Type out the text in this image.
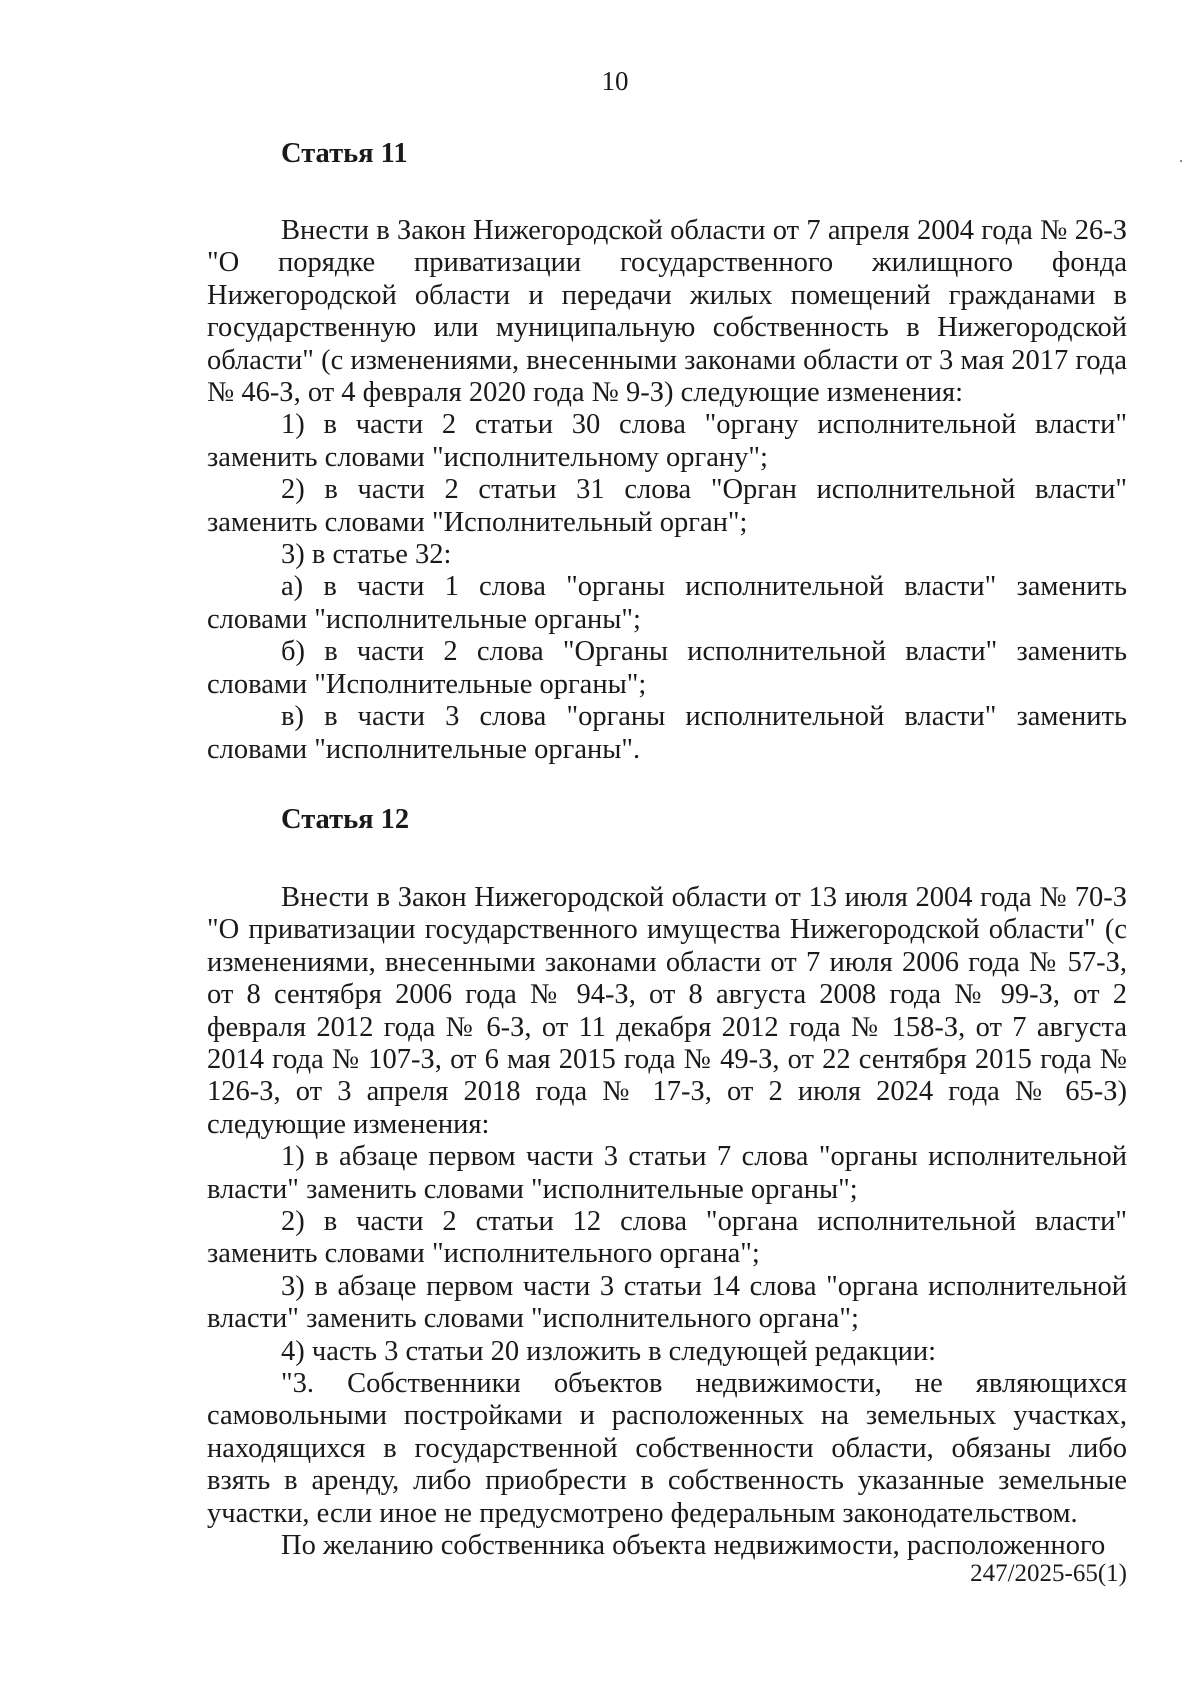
10
Статья 11

Внести в Закон Нижегородской области от 7 апреля 2004 года № 26-З "О порядке приватизации государственного жилищного фонда Нижегородской области и передачи жилых помещений гражданами в государственную или муниципальную собственность в Нижегородской области" (с изменениями, внесенными законами области от 3 мая 2017 года № 46-З, от 4 февраля 2020 года № 9-З) следующие изменения:

1) в части 2 статьи 30 слова "органу исполнительной власти" заменить словами "исполнительному органу";

2) в части 2 статьи 31 слова "Орган исполнительной власти" заменить словами "Исполнительный орган";

3) в статье 32:

а) в части 1 слова "органы исполнительной власти" заменить словами "исполнительные органы";

б) в части 2 слова "Органы исполнительной власти" заменить словами "Исполнительные органы";

в) в части 3 слова "органы исполнительной власти" заменить словами "исполнительные органы".

Статья 12

Внести в Закон Нижегородской области от 13 июля 2004 года № 70-З "О приватизации государственного имущества Нижегородской области" (с изменениями, внесенными законами области от 7 июля 2006 года № 57-З, от 8 сентября 2006 года № 94-З, от 8 августа 2008 года № 99-З, от 2 февраля 2012 года № 6-З, от 11 декабря 2012 года № 158-З, от 7 августа 2014 года № 107-З, от 6 мая 2015 года № 49-З, от 22 сентября 2015 года № 126-З, от 3 апреля 2018 года № 17-З, от 2 июля 2024 года № 65-З) следующие изменения:

1) в абзаце первом части 3 статьи 7 слова "органы исполнительной власти" заменить словами "исполнительные органы";

2) в части 2 статьи 12 слова "органа исполнительной власти" заменить словами "исполнительного органа";

3) в абзаце первом части 3 статьи 14 слова "органа исполнительной власти" заменить словами "исполнительного органа";

4) часть 3 статьи 20 изложить в следующей редакции:

"3. Собственники объектов недвижимости, не являющихся самовольными постройками и расположенных на земельных участках, находящихся в государственной собственности области, обязаны либо взять в аренду, либо приобрести в собственность указанные земельные участки, если иное не предусмотрено федеральным законодательством.

По желанию собственника объекта недвижимости, расположенного

247/2025-65(1)
